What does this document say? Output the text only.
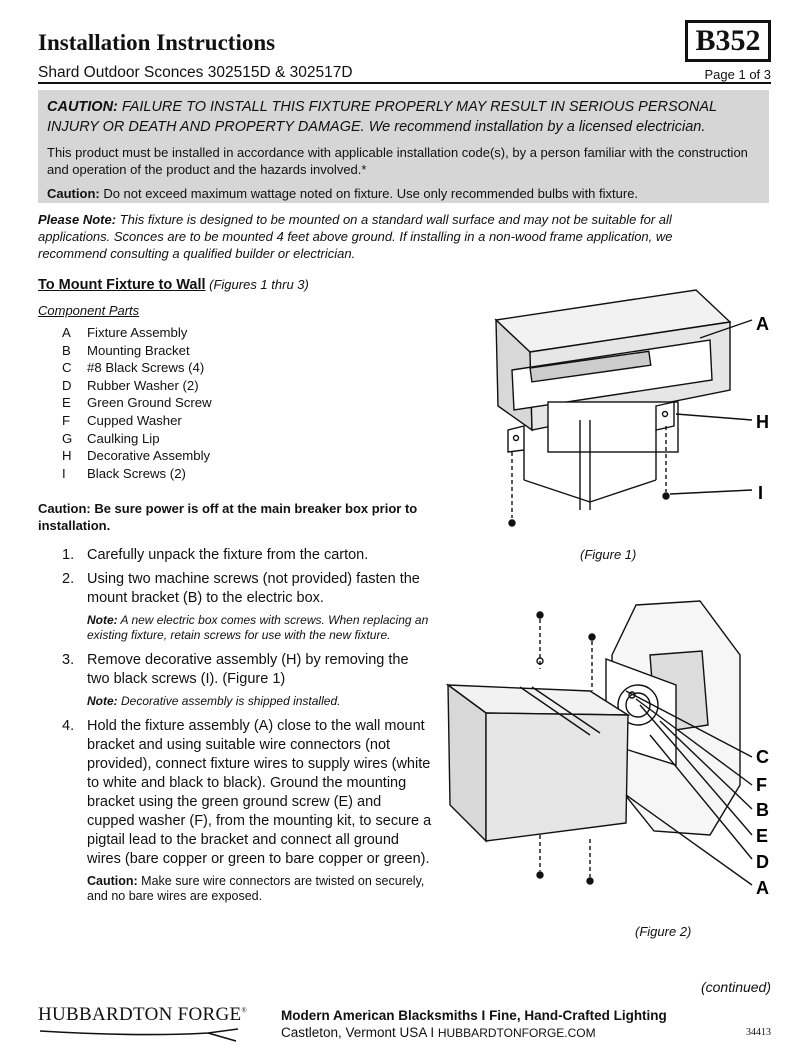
Installation Instructions
Shard Outdoor Sconces 302515D & 302517D
B352
Page 1 of 3
CAUTION: FAILURE TO INSTALL THIS FIXTURE PROPERLY MAY RESULT IN SERIOUS PERSONAL INJURY OR DEATH AND PROPERTY DAMAGE. We recommend installation by a licensed electrician.
This product must be installed in accordance with applicable installation code(s), by a person familiar with the construction and operation of the product and the hazards involved.*
Caution: Do not exceed maximum wattage noted on fixture. Use only recommended bulbs with fixture.
Please Note: This fixture is designed to be mounted on a standard wall surface and may not be suitable for all applications. Sconces are to be mounted 4 feet above ground. If installing in a non-wood frame application, we recommend consulting a qualified builder or electrician.
To Mount Fixture to Wall (Figures 1 thru 3)
Component Parts
A	Fixture Assembly
B	Mounting Bracket
C	#8 Black Screws (4)
D	Rubber Washer (2)
E	Green Ground Screw
F	Cupped Washer
G	Caulking Lip
H	Decorative Assembly
I	Black Screws (2)
Caution: Be sure power is off at the main breaker box prior to installation.
1. Carefully unpack the fixture from the carton.
2. Using two machine screws (not provided) fasten the mount bracket (B) to the electric box.
Note: A new electric box comes with screws. When replacing an existing fixture, retain screws for use with the new fixture.
3. Remove decorative assembly (H) by removing the two black screws (I). (Figure 1)
Note: Decorative assembly is shipped installed.
4. Hold the fixture assembly (A) close to the wall mount bracket and using suitable wire connectors (not provided), connect fixture wires to supply wires (white to white and black to black). Ground the mounting bracket using the green ground screw (E) and cupped washer (F), from the mounting kit, to secure a pigtail lead to the bracket and connect all ground wires (bare copper or green to bare copper or green).
Caution: Make sure wire connectors are twisted on securely, and no bare wires are exposed.
A
H
I
(Figure 1)
C
F
B
E
D
A
(Figure 2)
(continued)
HUBBARDTON FORGE®	Modern American Blacksmiths I Fine, Hand-Crafted Lighting
Castleton, Vermont USA I HUBBARDTONFORGE.COM	34413
